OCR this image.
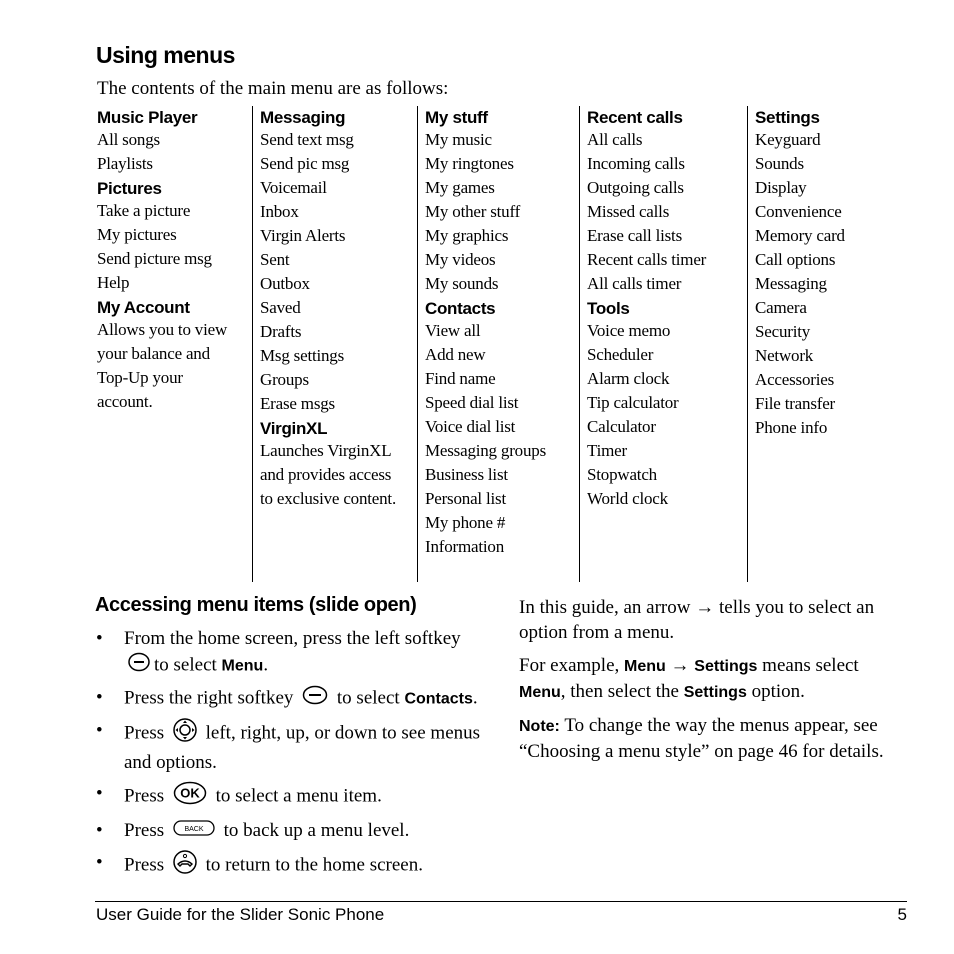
Using menus
The contents of the main menu are as follows:
Music Player
All songs
Playlists
Pictures
Take a picture
My pictures
Send picture msg
Help
My Account
Allows you to view
your balance and
Top-Up your
account.
Messaging
Send text msg
Send pic msg
Voicemail
Inbox
Virgin Alerts
Sent
Outbox
Saved
Drafts
Msg settings
Groups
Erase msgs
VirginXL
Launches VirginXL
and provides access
to exclusive content.
My stuff
My music
My ringtones
My games
My other stuff
My graphics
My videos
My sounds
Contacts
View all
Add new
Find name
Speed dial list
Voice dial list
Messaging groups
Business list
Personal list
My phone #
Information
Recent calls
All calls
Incoming calls
Outgoing calls
Missed calls
Erase call lists
Recent calls timer
All calls timer
Tools
Voice memo
Scheduler
Alarm clock
Tip calculator
Calculator
Timer
Stopwatch
World clock
Settings
Keyguard
Sounds
Display
Convenience
Memory card
Call options
Messaging
Camera
Security
Network
Accessories
File transfer
Phone info
Accessing menu items (slide open)
• From the home screen, press the left softkey
to select Menu.
• Press the right softkey to select Contacts.
• Press left, right, up, or down to see menus and options.
• Press OK to select a menu item.
• Press	BACK to back up a menu level.
• Press to return to the home screen.

In this guide, an arrow → tells you to select an option from a menu.

For example, Menu → Settings means select Menu, then select the Settings option.

Note: To change the way the menus appear, see “Choosing a menu style” on page 46 for details.

User Guide for the Slider Sonic Phone	5
